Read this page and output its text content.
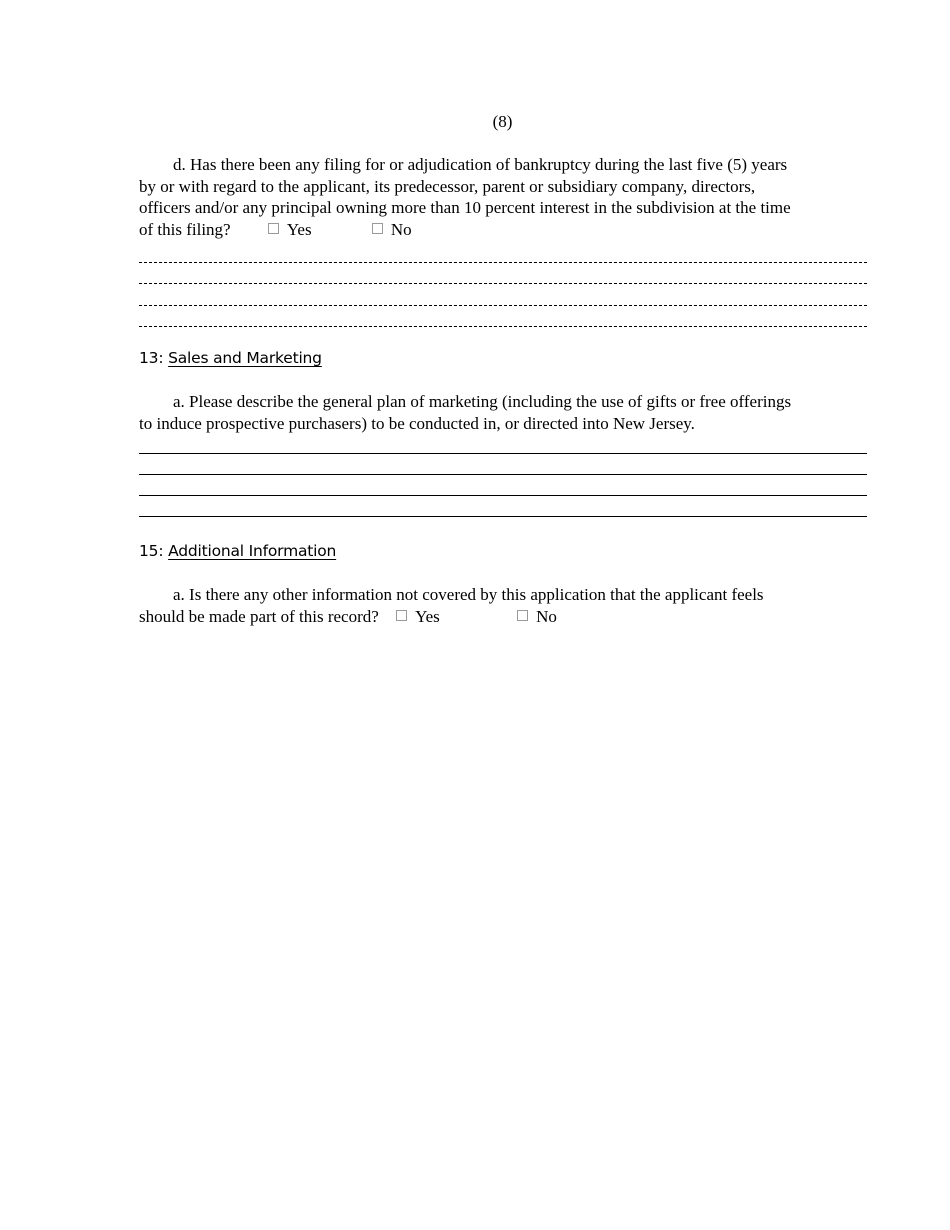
(8)
d. Has there been any filing for or adjudication of bankruptcy during the last five (5) years
by or with regard to the applicant, its predecessor, parent or subsidiary company, directors,
officers and/or any principal owning more than 10 percent interest in the subdivision at the time
of this filing?	Yes	No
13: Sales and Marketing
a. Please describe the general plan of marketing (including the use of gifts or free offerings
to induce prospective purchasers) to be conducted in, or directed into New Jersey.
15: Additional Information
a. Is there any other information not covered by this application that the applicant feels
should be made part of this record? Yes	No
